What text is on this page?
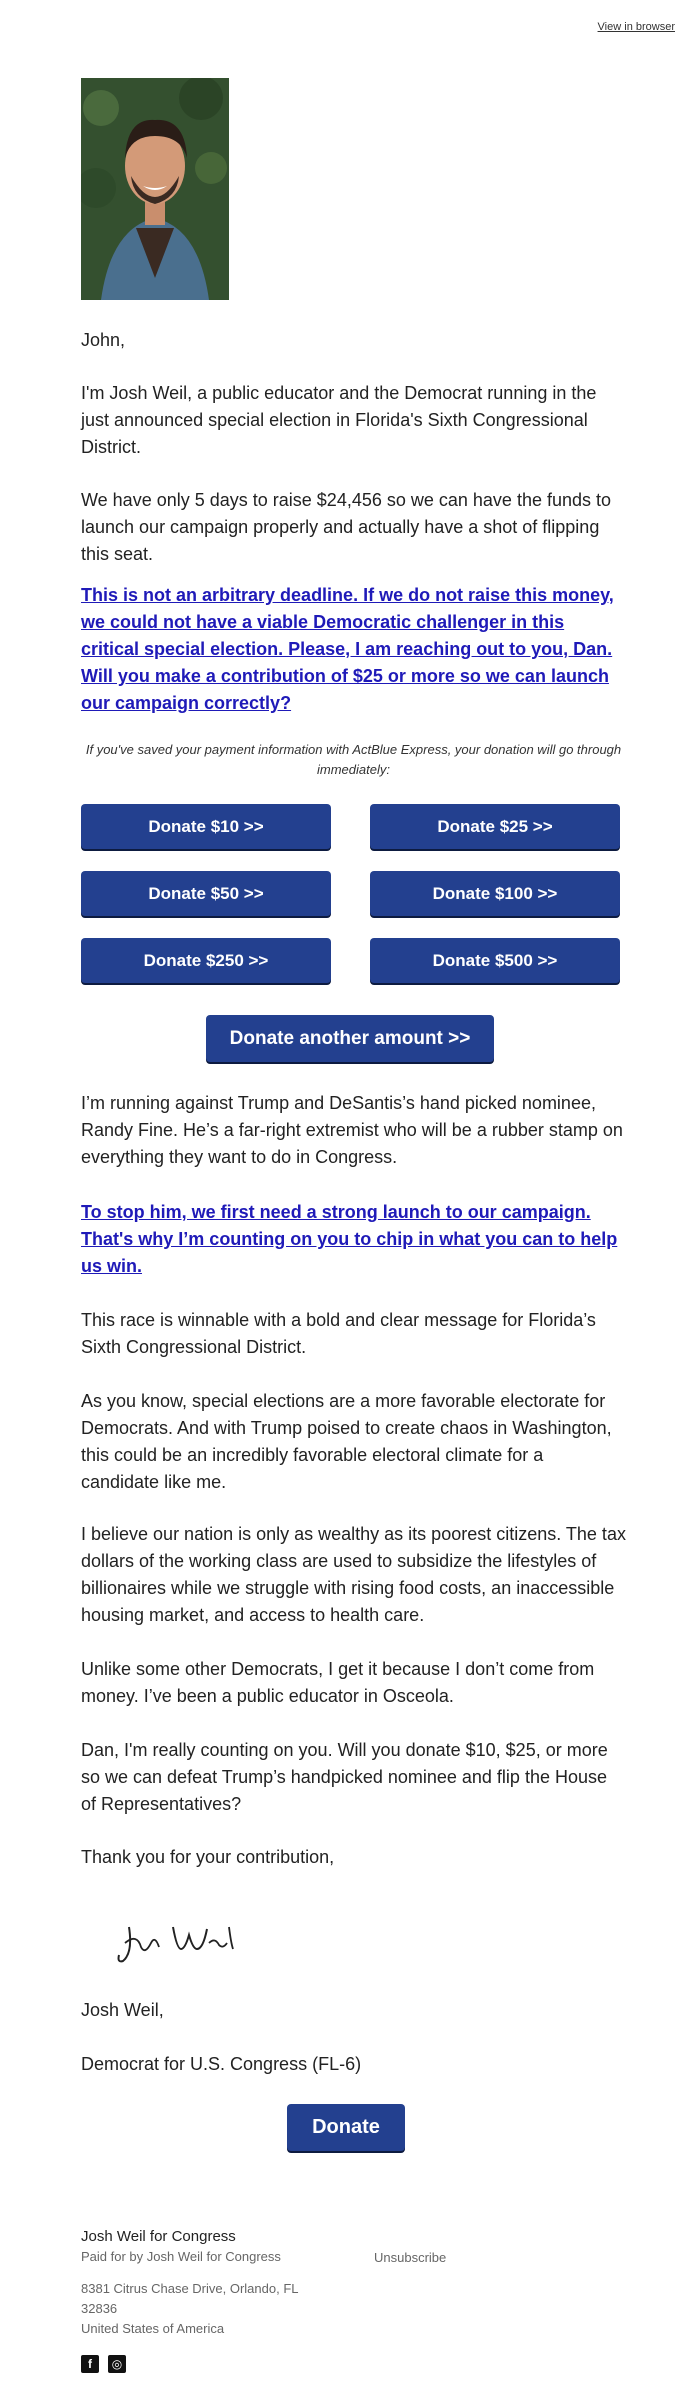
View in browser

John,

I'm Josh Weil, a public educator and the Democrat running in the just announced special election in Florida's Sixth Congressional District.

We have only 5 days to raise $24,456 so we can have the funds to launch our campaign properly and actually have a shot of flipping this seat.

This is not an arbitrary deadline. If we do not raise this money, we could not have a viable Democratic challenger in this critical special election. Please, I am reaching out to you, Dan. Will you make a contribution of $25 or more so we can launch our campaign correctly?

If you've saved your payment information with ActBlue Express, your donation will go through immediately:

Donate $10 >>	Donate $25 >>
Donate $50 >>	Donate $100 >>
Donate $250 >>	Donate $500 >>
Donate another amount >>

I’m running against Trump and DeSantis’s hand picked nominee, Randy Fine. He’s a far-right extremist who will be a rubber stamp on everything they want to do in Congress.

To stop him, we first need a strong launch to our campaign. That's why I’m counting on you to chip in what you can to help us win.

This race is winnable with a bold and clear message for Florida’s Sixth Congressional District.

As you know, special elections are a more favorable electorate for Democrats. And with Trump poised to create chaos in Washington, this could be an incredibly favorable electoral climate for a candidate like me.

I believe our nation is only as wealthy as its poorest citizens. The tax dollars of the working class are used to subsidize the lifestyles of billionaires while we struggle with rising food costs, an inaccessible housing market, and access to health care.

Unlike some other Democrats, I get it because I don’t come from money. I’ve been a public educator in Osceola.

Dan, I'm really counting on you. Will you donate $10, $25, or more so we can defeat Trump’s handpicked nominee and flip the House of Representatives?

Thank you for your contribution,

Josh Weil,

Democrat for U.S. Congress (FL-6)

Donate
Josh Weil for Congress
Paid for by Josh Weil for Congress
8381 Citrus Chase Drive, Orlando, FL
32836
United States of America
Unsubscribe
f	◎
